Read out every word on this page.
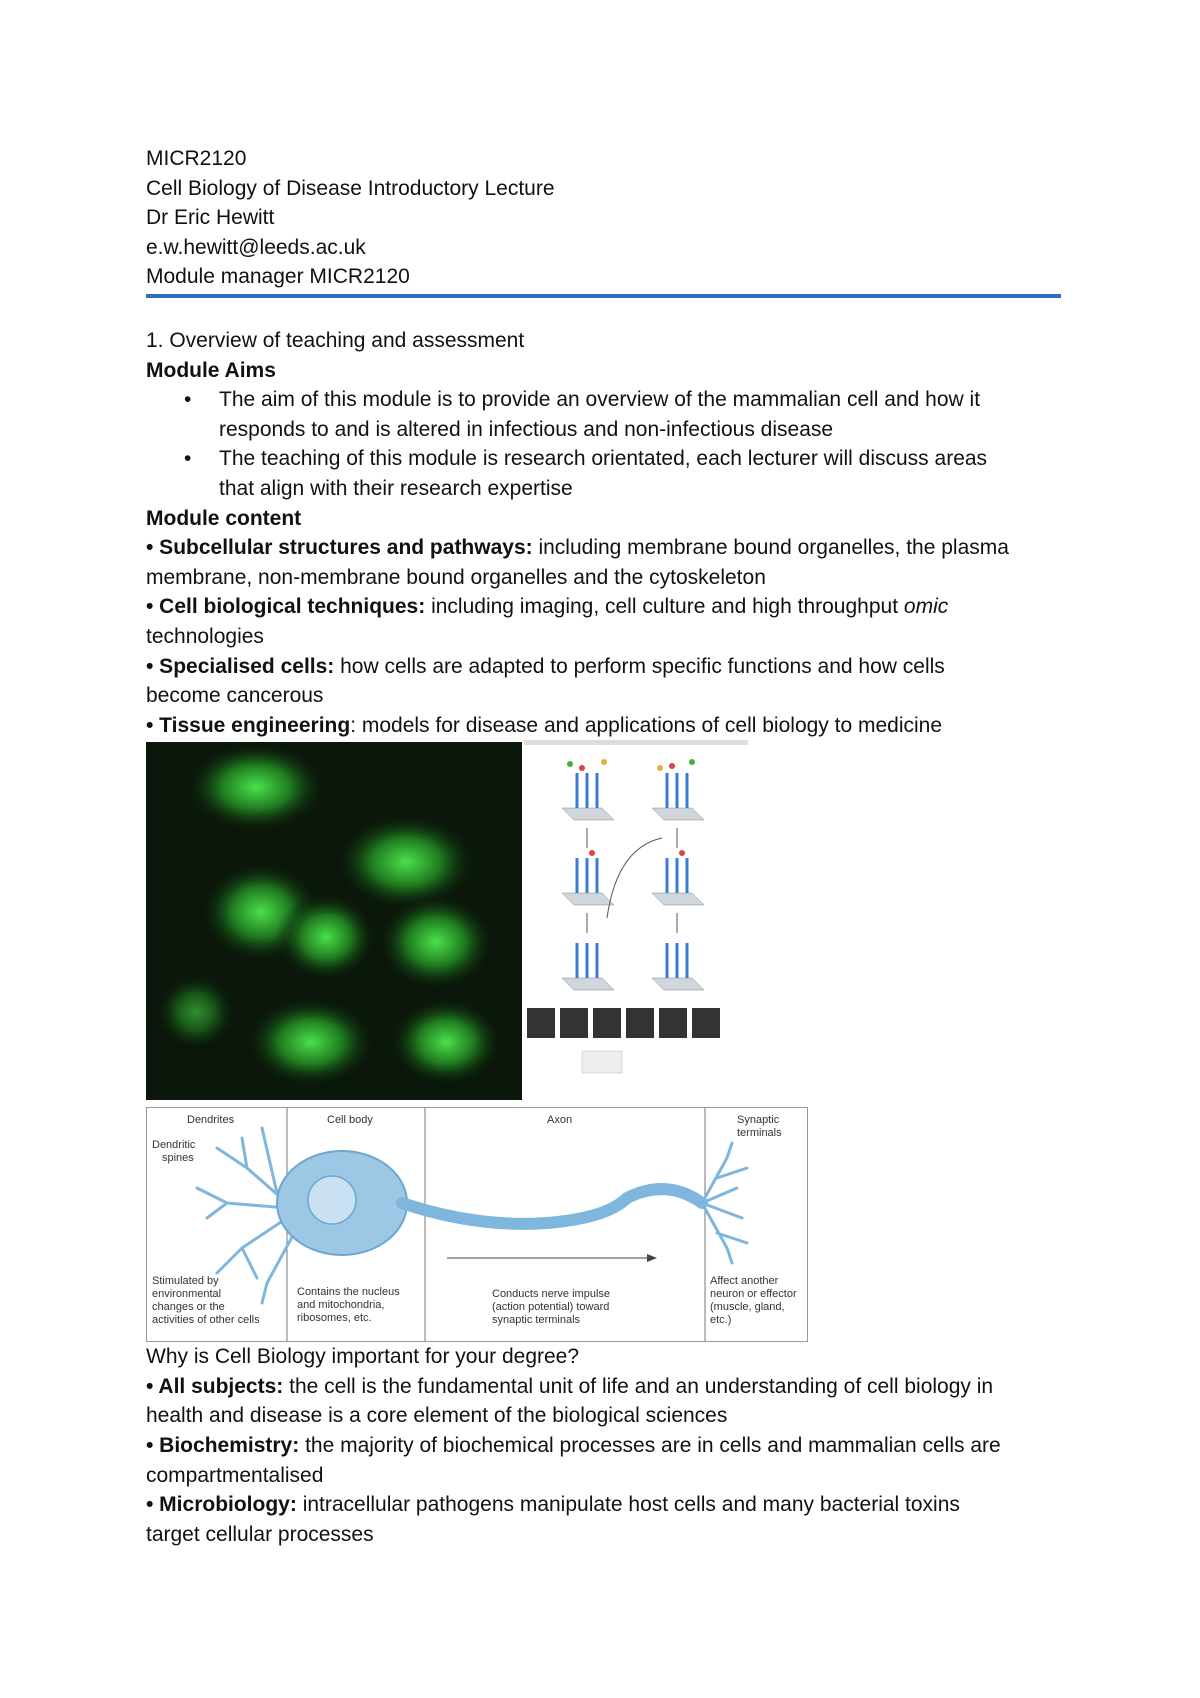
MICR2120

Cell Biology of Disease Introductory Lecture

Dr Eric Hewitt

e.w.hewitt@leeds.ac.uk

Module manager MICR2120

1. Overview of teaching and assessment

Module Aims

• The aim of this module is to provide an overview of the mammalian cell and how it
responds to and is altered in infectious and non-infectious disease
• The teaching of this module is research orientated, each lecturer will discuss areas
that align with their research expertise

Module content

• Subcellular structures and pathways: including membrane bound organelles, the plasma
membrane, non-membrane bound organelles and the cytoskeleton

• Cell biological techniques: including imaging, cell culture and high throughput omic
technologies

• Specialised cells: how cells are adapted to perform specific functions and how cells
become cancerous

• Tissue engineering: models for disease and applications of cell biology to medicine

Dendrites
Dendritic
spines
Cell body	Axon	Synaptic
terminals
Stimulated by
environmental
changes or the
activities of other cells
Contains the nucleus
and mitochondria,
ribosomes, etc.
Conducts nerve impulse
(action potential) toward
synaptic terminals
Affect another
neuron or effector
(muscle, gland,
etc.)

Why is Cell Biology important for your degree?

• All subjects: the cell is the fundamental unit of life and an understanding of cell biology in
health and disease is a core element of the biological sciences

• Biochemistry: the majority of biochemical processes are in cells and mammalian cells are
compartmentalised

• Microbiology: intracellular pathogens manipulate host cells and many bacterial toxins
target cellular processes
